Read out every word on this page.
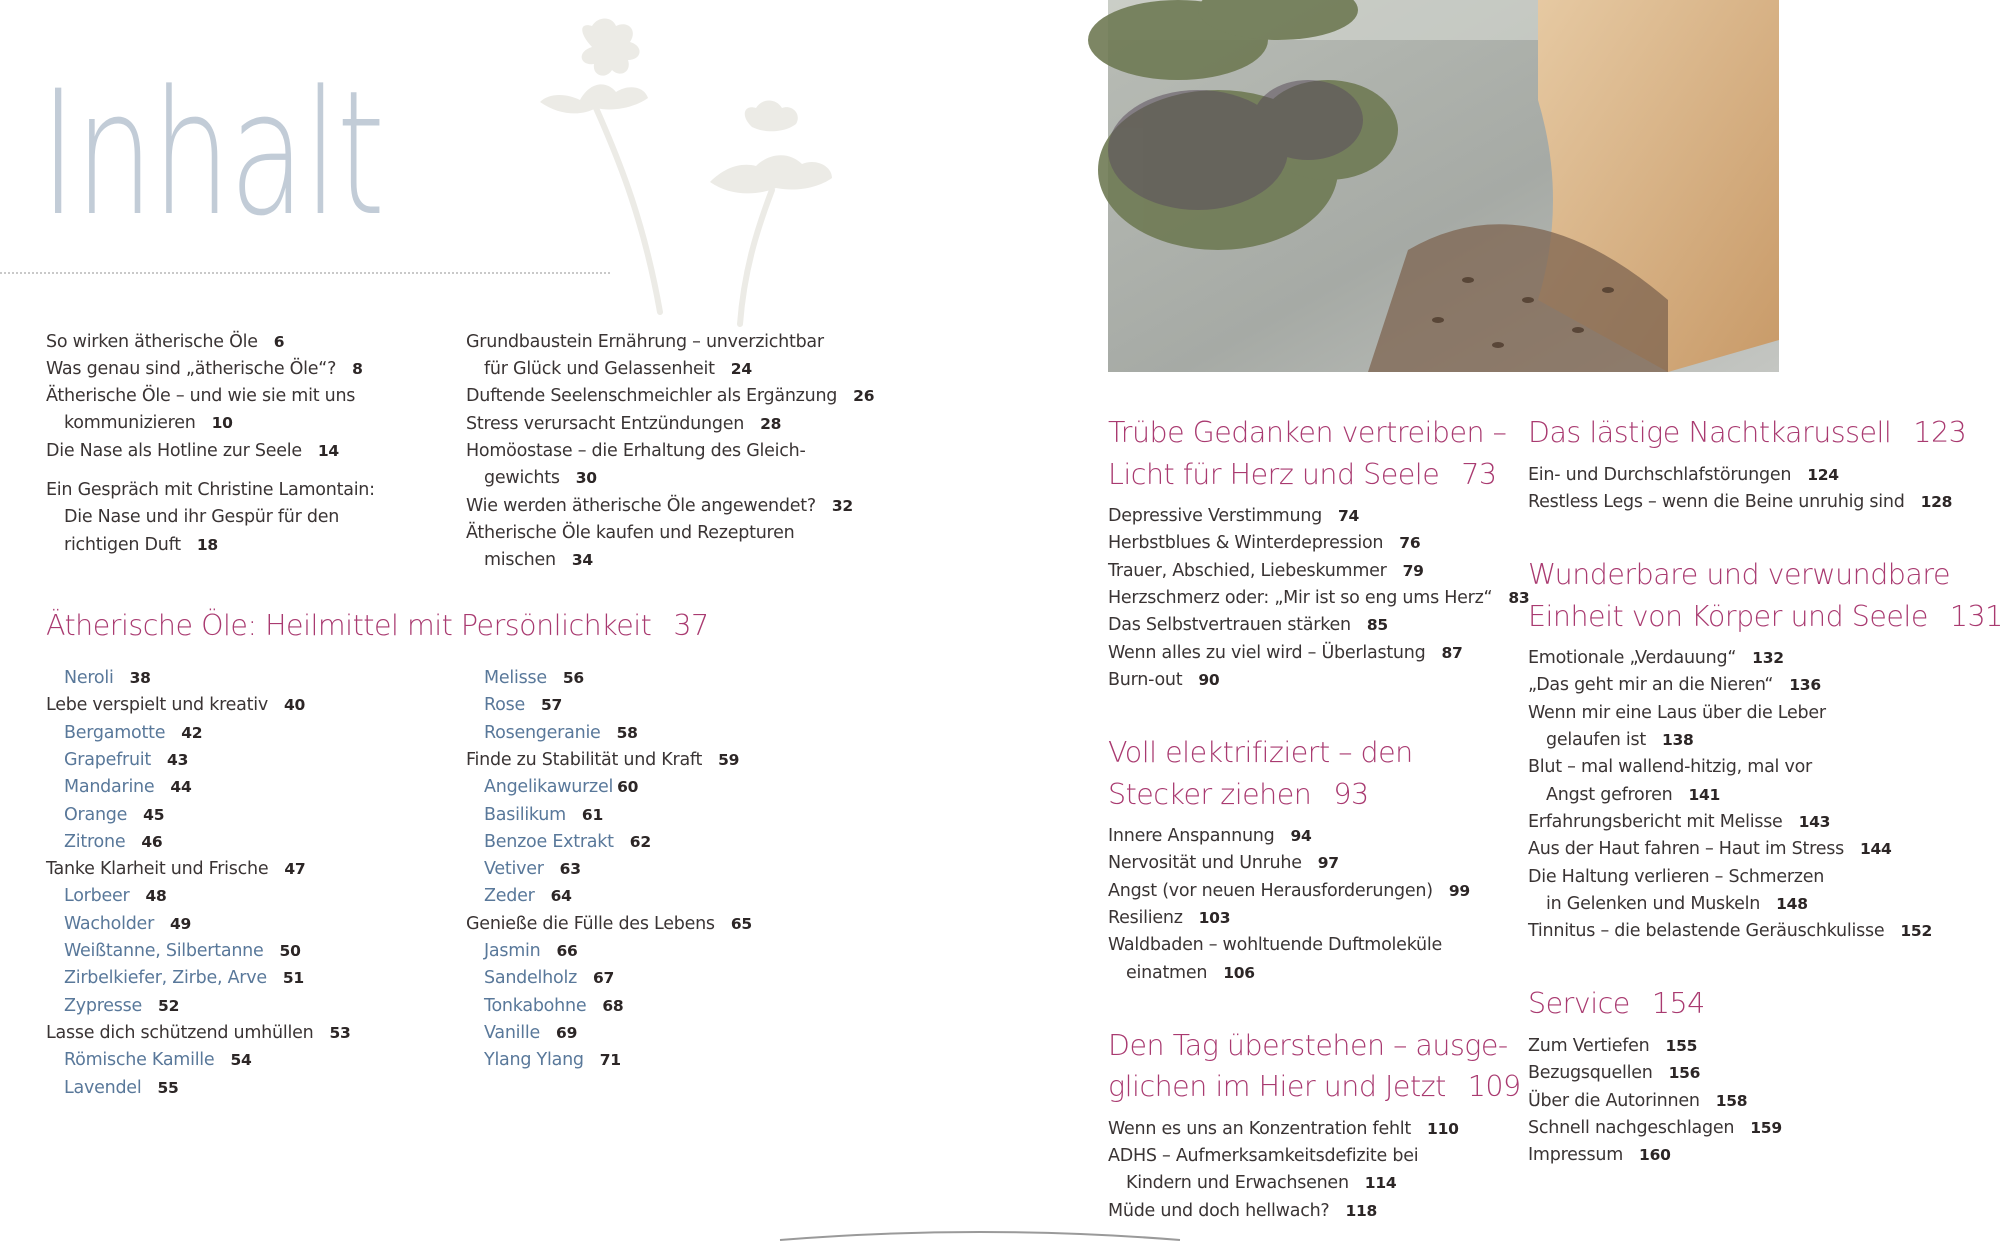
Inhalt
So wirken ätherische Öle 6
Was genau sind „ätherische Öle“? 8
Ätherische Öle – und wie sie mit uns
kommunizieren 10
Die Nase als Hotline zur Seele 14
Ein Gespräch mit Christine Lamontain:
Die Nase und ihr Gespür für den
richtigen Duft 18
Grundbaustein Ernährung – unverzichtbar
für Glück und Gelassenheit 24
Duftende Seelenschmeichler als Ergänzung 26
Stress verursacht Entzündungen 28
Homöostase – die Erhaltung des Gleich-
gewichts 30
Wie werden ätherische Öle angewendet? 32
Ätherische Öle kaufen und Rezepturen
mischen 34
Ätherische Öle: Heilmittel mit Persönlichkeit 37
Neroli 38
Lebe verspielt und kreativ 40
Bergamotte 42
Grapefruit 43
Mandarine 44
Orange 45
Zitrone 46
Tanke Klarheit und Frische 47
Lorbeer 48
Wacholder 49
Weißtanne, Silbertanne 50
Zirbelkiefer, Zirbe, Arve 51
Zypresse 52
Lasse dich schützend umhüllen 53
Römische Kamille 54
Lavendel 55
Melisse 56
Rose 57
Rosengeranie 58
Finde zu Stabilität und Kraft 59
Angelikawurzel 60
Basilikum 61
Benzoe Extrakt 62
Vetiver 63
Zeder 64
Genieße die Fülle des Lebens 65
Jasmin 66
Sandelholz 67
Tonkabohne 68
Vanille 69
Ylang Ylang 71
Trübe Gedanken vertreiben –
Licht für Herz und Seele 73
Depressive Verstimmung 74
Herbstblues & Winterdepression 76
Trauer, Abschied, Liebeskummer 79
Herzschmerz oder: „Mir ist so eng ums Herz“ 83
Das Selbstvertrauen stärken 85
Wenn alles zu viel wird – Überlastung 87
Burn-out 90
Voll elektrifiziert – den
Stecker ziehen 93
Innere Anspannung 94
Nervosität und Unruhe 97
Angst (vor neuen Herausforderungen) 99
Resilienz 103
Waldbaden – wohltuende Duftmoleküle
einatmen 106
Den Tag überstehen – ausge-
glichen im Hier und Jetzt 109
Wenn es uns an Konzentration fehlt 110
ADHS – Aufmerksamkeitsdefizite bei
Kindern und Erwachsenen 114
Müde und doch hellwach? 118
Das lästige Nachtkarussell 123
Ein- und Durchschlafstörungen 124
Restless Legs – wenn die Beine unruhig sind 128
Wunderbare und verwundbare
Einheit von Körper und Seele 131
Emotionale „Verdauung“ 132
„Das geht mir an die Nieren“ 136
Wenn mir eine Laus über die Leber
gelaufen ist 138
Blut – mal wallend-hitzig, mal vor
Angst gefroren 141
Erfahrungsbericht mit Melisse 143
Aus der Haut fahren – Haut im Stress 144
Die Haltung verlieren – Schmerzen
in Gelenken und Muskeln 148
Tinnitus – die belastende Geräuschkulisse 152
Service 154
Zum Vertiefen 155
Bezugsquellen 156
Über die Autorinnen 158
Schnell nachgeschlagen 159
Impressum 160
